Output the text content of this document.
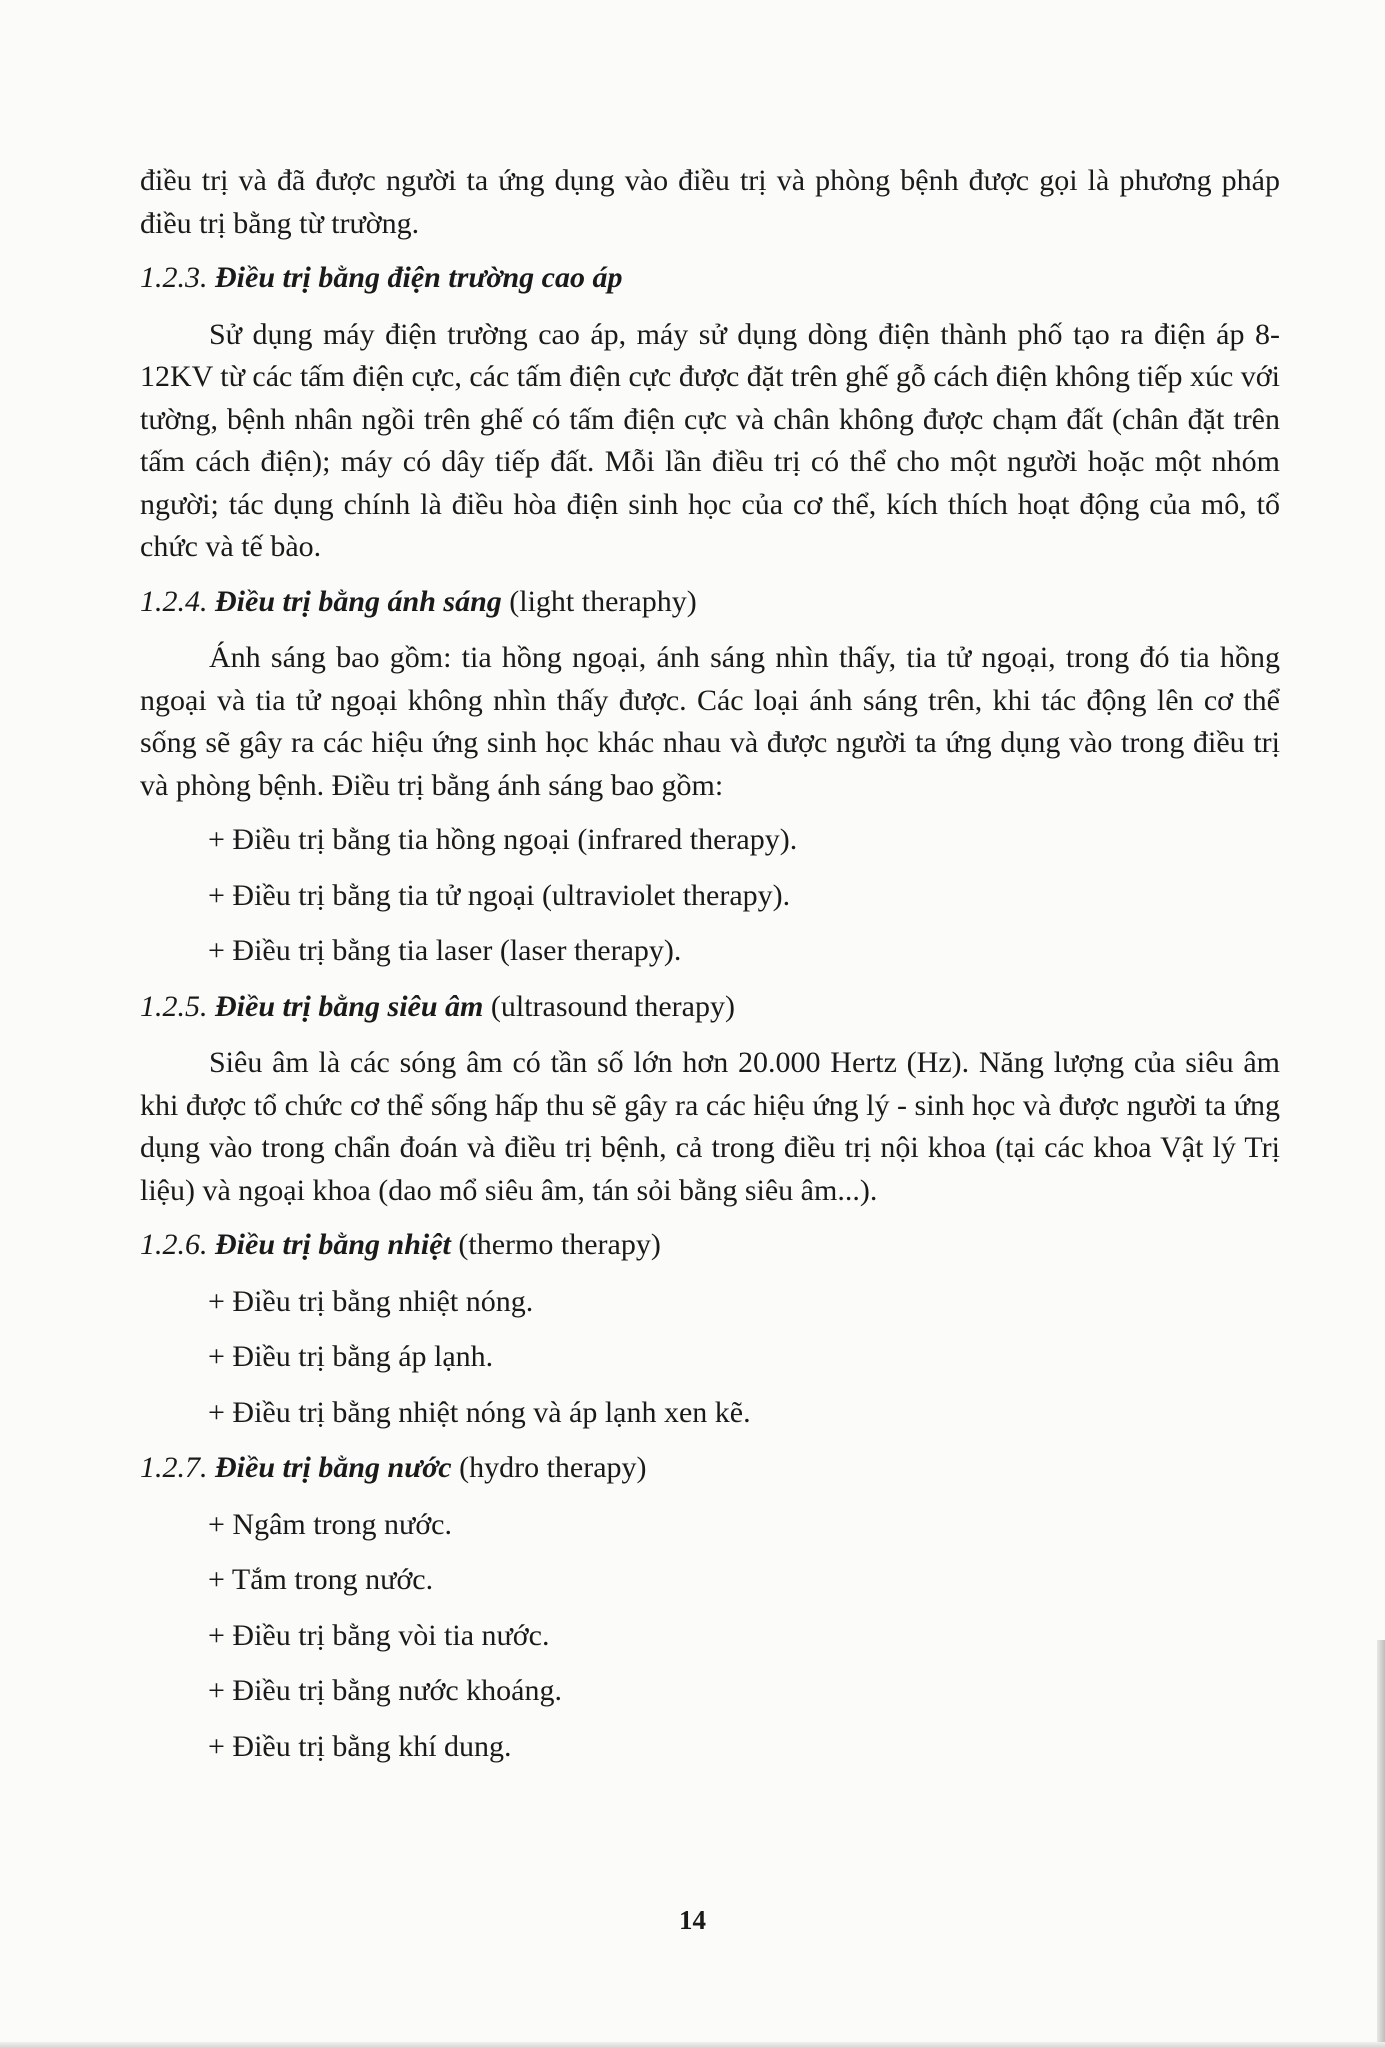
điều trị và đã được người ta ứng dụng vào điều trị và phòng bệnh được gọi là phương pháp điều trị bằng từ trường.

1.2.3. Điều trị bằng điện trường cao áp

Sử dụng máy điện trường cao áp, máy sử dụng dòng điện thành phố tạo ra điện áp 8-12KV từ các tấm điện cực, các tấm điện cực được đặt trên ghế gỗ cách điện không tiếp xúc với tường, bệnh nhân ngồi trên ghế có tấm điện cực và chân không được chạm đất (chân đặt trên tấm cách điện); máy có dây tiếp đất. Mỗi lần điều trị có thể cho một người hoặc một nhóm người; tác dụng chính là điều hòa điện sinh học của cơ thể, kích thích hoạt động của mô, tổ chức và tế bào.

1.2.4. Điều trị bằng ánh sáng (light theraphy)

Ánh sáng bao gồm: tia hồng ngoại, ánh sáng nhìn thấy, tia tử ngoại, trong đó tia hồng ngoại và tia tử ngoại không nhìn thấy được. Các loại ánh sáng trên, khi tác động lên cơ thể sống sẽ gây ra các hiệu ứng sinh học khác nhau và được người ta ứng dụng vào trong điều trị và phòng bệnh. Điều trị bằng ánh sáng bao gồm:

+ Điều trị bằng tia hồng ngoại (infrared therapy).
+ Điều trị bằng tia tử ngoại (ultraviolet therapy).
+ Điều trị bằng tia laser (laser therapy).
1.2.5. Điều trị bằng siêu âm (ultrasound therapy)

Siêu âm là các sóng âm có tần số lớn hơn 20.000 Hertz (Hz). Năng lượng của siêu âm khi được tổ chức cơ thể sống hấp thu sẽ gây ra các hiệu ứng lý - sinh học và được người ta ứng dụng vào trong chẩn đoán và điều trị bệnh, cả trong điều trị nội khoa (tại các khoa Vật lý Trị liệu) và ngoại khoa (dao mổ siêu âm, tán sỏi bằng siêu âm...).

1.2.6. Điều trị bằng nhiệt (thermo therapy)
+ Điều trị bằng nhiệt nóng.
+ Điều trị bằng áp lạnh.
+ Điều trị bằng nhiệt nóng và áp lạnh xen kẽ.
1.2.7. Điều trị bằng nước (hydro therapy)
+ Ngâm trong nước.
+ Tắm trong nước.
+ Điều trị bằng vòi tia nước.
+ Điều trị bằng nước khoáng.
+ Điều trị bằng khí dung.
14
